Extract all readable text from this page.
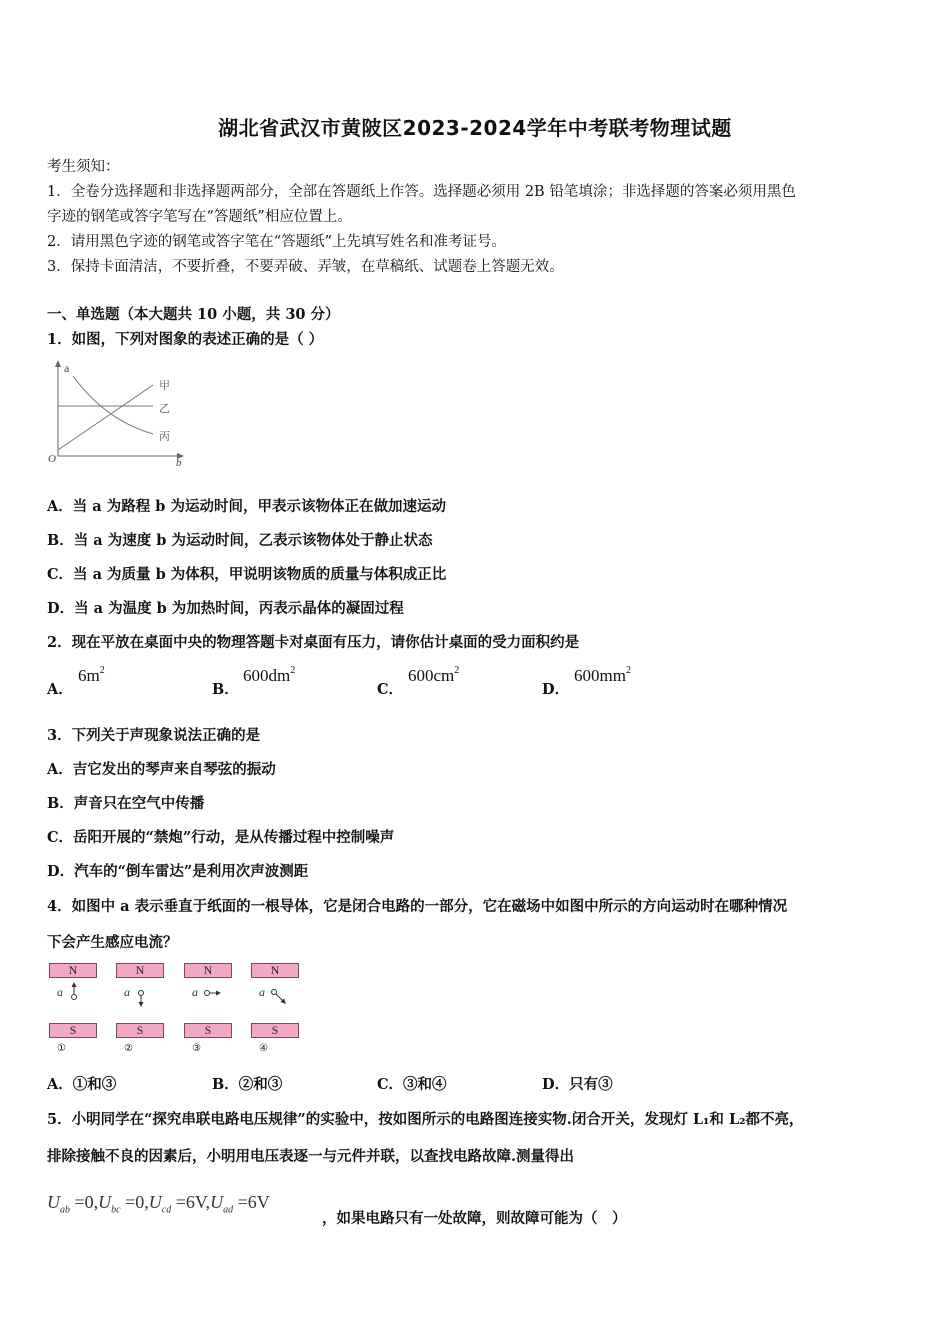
湖北省武汉市黄陂区2023-2024学年中考联考物理试题
考生须知：
1．全卷分选择题和非选择题两部分，全部在答题纸上作答。选择题必须用 2B 铅笔填涂；非选择题的答案必须用黑色
字迹的钢笔或答字笔写在“答题纸”相应位置上。
2．请用黑色字迹的钢笔或答字笔在“答题纸”上先填写姓名和准考证号。
3．保持卡面清洁，不要折叠，不要弄破、弄皱，在草稿纸、试题卷上答题无效。
一、单选题（本大题共 10 小题，共 30 分）
1．如图，下列对图象的表述正确的是（ ）
a
O	b
甲
乙
丙
A．当 a 为路程 b 为运动时间，甲表示该物体正在做加速运动
B．当 a 为速度 b 为运动时间，乙表示该物体处于静止状态
C．当 a 为质量 b 为体积，甲说明该物质的质量与体积成正比
D．当 a 为温度 b 为加热时间，丙表示晶体的凝固过程
2．现在平放在桌面中央的物理答题卡对桌面有压力，请你估计桌面的受力面积约是
A．
$6m^2$
B．
$600dm^2$
C．
$600cm^2$
D．
$600mm^2$
3．下列关于声现象说法正确的是
A．吉它发出的琴声来自琴弦的振动
B．声音只在空气中传播
C．岳阳开展的“禁炮”行动，是从传播过程中控制噪声
D．汽车的“倒车雷达”是利用次声波测距
4．如图中 a 表示垂直于纸面的一根导体，它是闭合电路的一部分，它在磁场中如图中所示的方向运动时在哪种情况
下会产生感应电流？
N	N	N	N
a	a	a	a
S	S	S	S
①	②	③	④
A．①和③	B．②和③	C．③和④	D．只有③
5．小明同学在“探究串联电路电压规律”的实验中，按如图所示的电路图连接实物.闭合开关，发现灯 L₁和 L₂都不亮，
排除接触不良的因素后，小明用电压表逐一与元件并联，以查找电路故障.测量得出
$U_{ab} =0,U_{bc} =0,U_{cd} =6V,U_{ad} =6V$
，如果电路只有一处故障，则故障可能为（　）
